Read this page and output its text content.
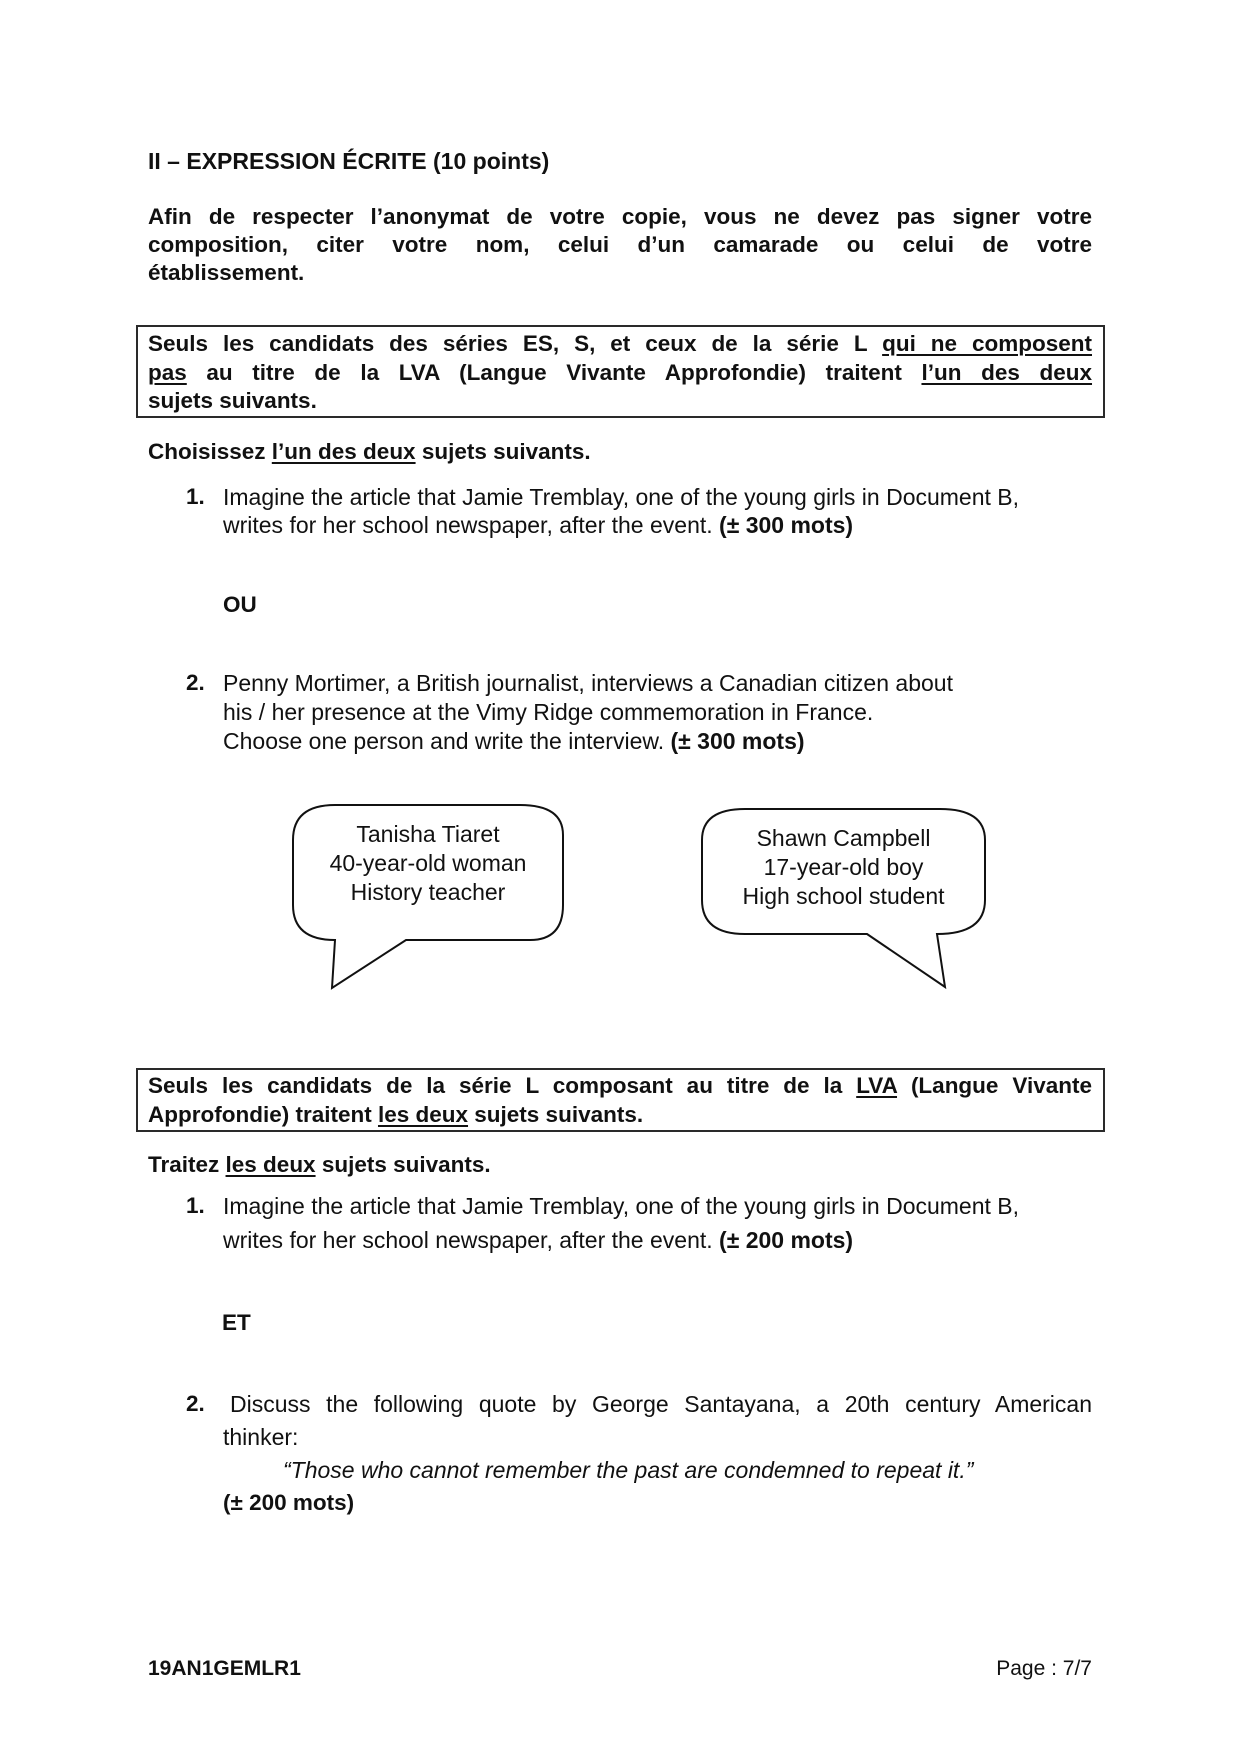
II – EXPRESSION ÉCRITE (10 points)
Afin de respecter l’anonymat de votre copie, vous ne devez pas signer votre
composition, citer votre nom, celui d’un camarade ou celui de votre
établissement.
Seuls les candidats des séries ES, S, et ceux de la série L qui ne composent
pas au titre de la LVA (Langue Vivante Approfondie) traitent l’un des deux
sujets suivants.
Choisissez l’un des deux sujets suivants.
1. Imagine the article that Jamie Tremblay, one of the young girls in Document B,
writes for her school newspaper, after the event. (± 300 mots)
OU
2. Penny Mortimer, a British journalist, interviews a Canadian citizen about
his / her presence at the Vimy Ridge commemoration in France.
Choose one person and write the interview. (± 300 mots)
Tanisha Tiaret
40-year-old woman
History teacher
Shawn Campbell
17-year-old boy
High school student
Seuls les candidats de la série L composant au titre de la LVA (Langue Vivante
Approfondie) traitent les deux sujets suivants.
Traitez les deux sujets suivants.
1. Imagine the article that Jamie Tremblay, one of the young girls in Document B,
writes for her school newspaper, after the event. (± 200 mots)
ET
2. Discuss the following quote by George Santayana, a 20th century American
thinker:
“Those who cannot remember the past are condemned to repeat it.”
(± 200 mots)
19AN1GEMLR1	Page : 7/7
